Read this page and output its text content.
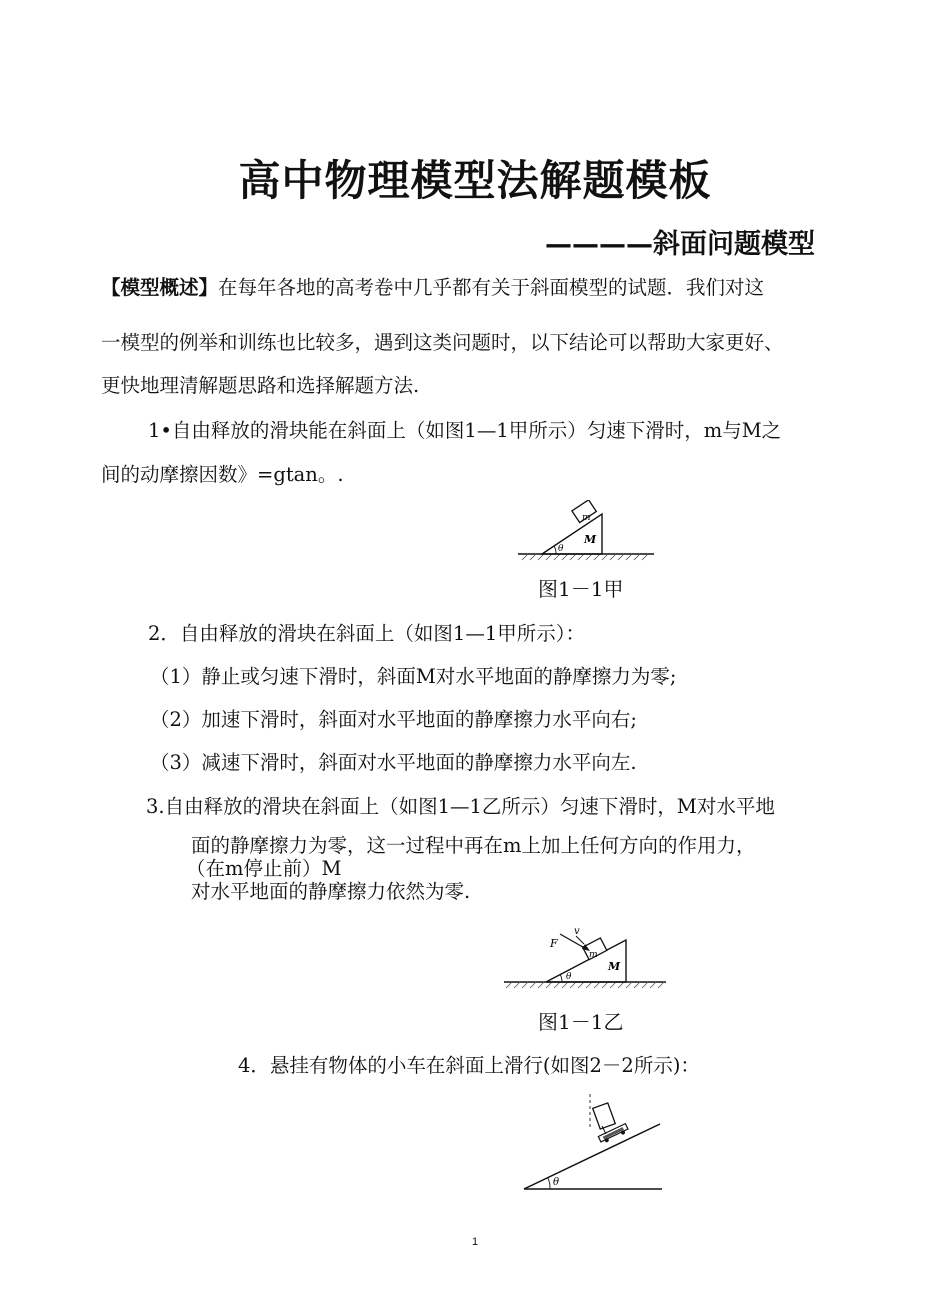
高中物理模型法解题模板
————斜面问题模型
【模型概述】在每年各地的高考卷中几乎都有关于斜面模型的试题．我们对这
一模型的例举和训练也比较多，遇到这类问题时，以下结论可以帮助大家更好、
更快地理清解题思路和选择解题方法.
1•自由释放的滑块能在斜面上（如图1—1甲所示）匀速下滑时，m与M之
间的动摩擦因数》=gtan。.
m
M
θ
图1－1甲
2．自由释放的滑块在斜面上（如图1—1甲所示）：
（1）静止或匀速下滑时，斜面M对水平地面的静摩擦力为零;
（2）加速下滑时，斜面对水平地面的静摩擦力水平向右;
（3）减速下滑时，斜面对水平地面的静摩擦力水平向左.
3.自由释放的滑块在斜面上（如图1—1乙所示）匀速下滑时，M对水平地
面的静摩擦力为零，这一过程中再在m上加上任何方向的作用力，
（在m停止前）M
对水平地面的静摩擦力依然为零.
F
v
m
M
θ
图1－1乙
4．悬挂有物体的小车在斜面上滑行(如图2－2所示)：
θ
1
